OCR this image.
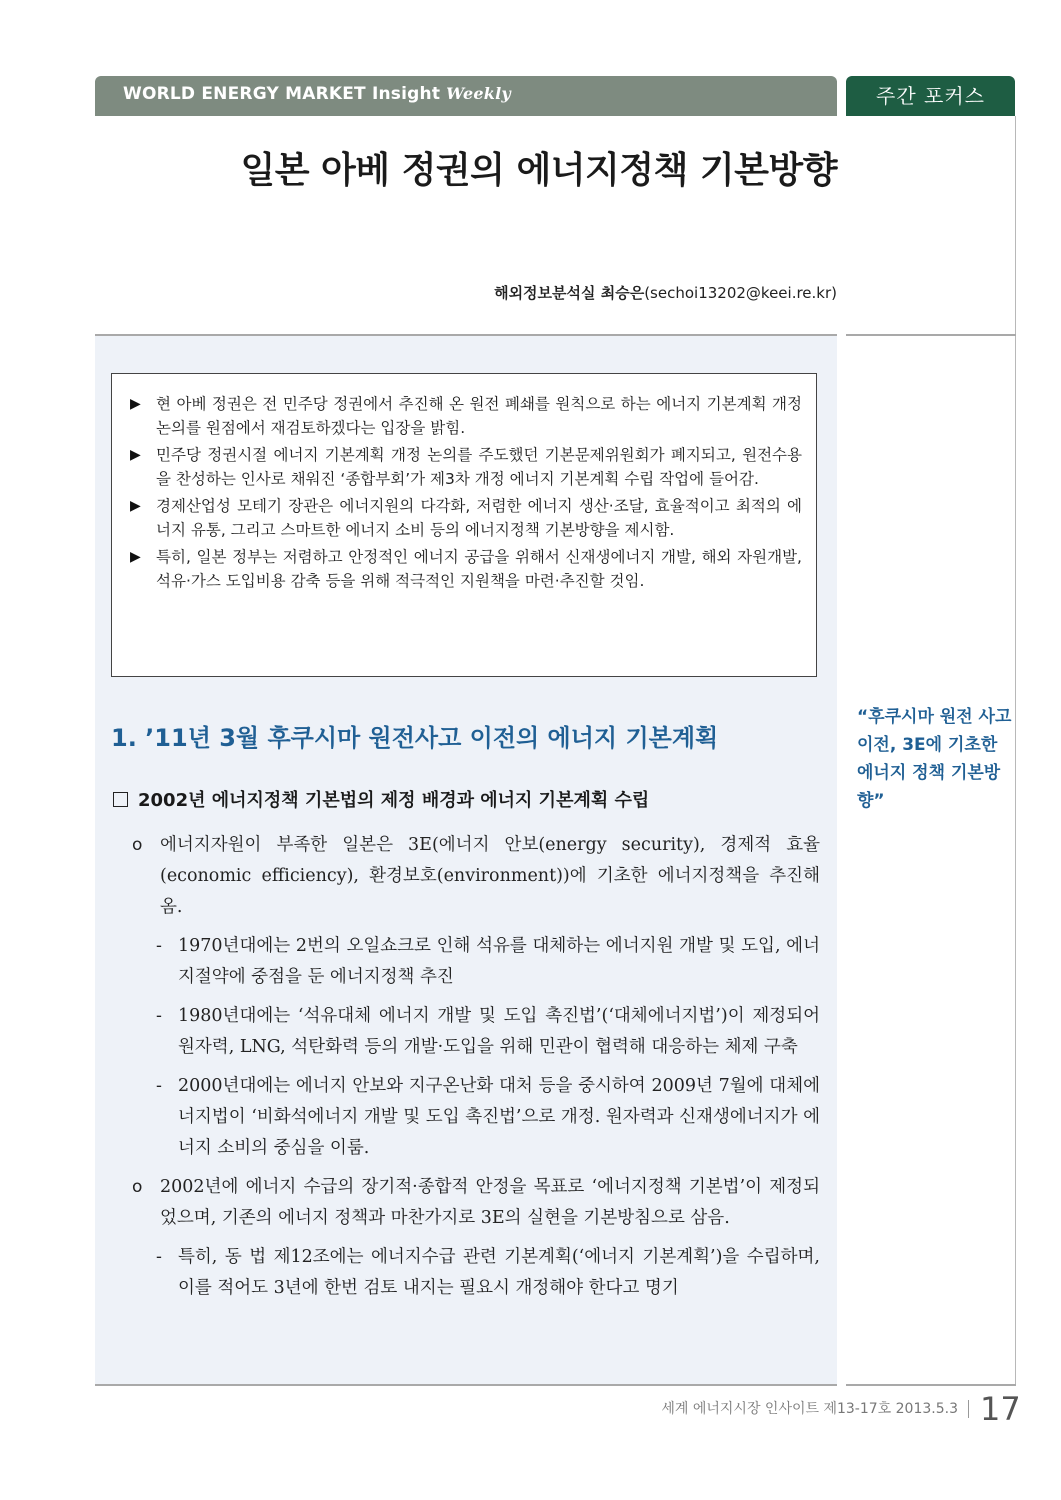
WORLD ENERGY MARKET Insight Weekly	주간 포커스
일본 아베 정권의 에너지정책 기본방향
해외정보분석실 최승은(sechoi13202@keei.re.kr)
▶ 현 아베 정권은 전 민주당 정권에서 추진해 온 원전 폐쇄를 원칙으로 하는 에너지 기본계획 개정 논의를 원점에서 재검토하겠다는 입장을 밝힘.
▶ 민주당 정권시절 에너지 기본계획 개정 논의를 주도했던 기본문제위원회가 폐지되고, 원전수용을 찬성하는 인사로 채워진 ‘종합부회’가 제3차 개정 에너지 기본계획 수립 작업에 들어감.
▶ 경제산업성 모테기 장관은 에너지원의 다각화, 저렴한 에너지 생산·조달, 효율적이고 최적의 에너지 유통, 그리고 스마트한 에너지 소비 등의 에너지정책 기본방향을 제시함.
▶ 특히, 일본 정부는 저렴하고 안정적인 에너지 공급을 위해서 신재생에너지 개발, 해외 자원개발, 석유·가스 도입비용 감축 등을 위해 적극적인 지원책을 마련·추진할 것임.
1. ’11년 3월 후쿠시마 원전사고 이전의 에너지 기본계획
2002년 에너지정책 기본법의 제정 배경과 에너지 기본계획 수립
o 에너지자원이 부족한 일본은 3E(에너지 안보(energy security), 경제적 효율(economic efficiency), 환경보호(environment))에 기초한 에너지정책을 추진해 옴.
- 1970년대에는 2번의 오일쇼크로 인해 석유를 대체하는 에너지원 개발 및 도입, 에너지절약에 중점을 둔 에너지정책 추진
- 1980년대에는 ‘석유대체 에너지 개발 및 도입 촉진법’(‘대체에너지법’)이 제정되어 원자력, LNG, 석탄화력 등의 개발·도입을 위해 민관이 협력해 대응하는 체제 구축
- 2000년대에는 에너지 안보와 지구온난화 대처 등을 중시하여 2009년 7월에 대체에너지법이 ‘비화석에너지 개발 및 도입 촉진법’으로 개정. 원자력과 신재생에너지가 에너지 소비의 중심을 이룸.
o 2002년에 에너지 수급의 장기적·종합적 안정을 목표로 ‘에너지정책 기본법’이 제정되었으며, 기존의 에너지 정책과 마찬가지로 3E의 실현을 기본방침으로 삼음.
- 특히, 동 법 제12조에는 에너지수급 관련 기본계획(‘에너지 기본계획’)을 수립하며, 이를 적어도 3년에 한번 검토 내지는 필요시 개정해야 한다고 명기
“후쿠시마 원전 사고 이전, 3E에 기초한 에너지 정책 기본방향”
세계 에너지시장 인사이트 제13-17호 2013.5.3 17
